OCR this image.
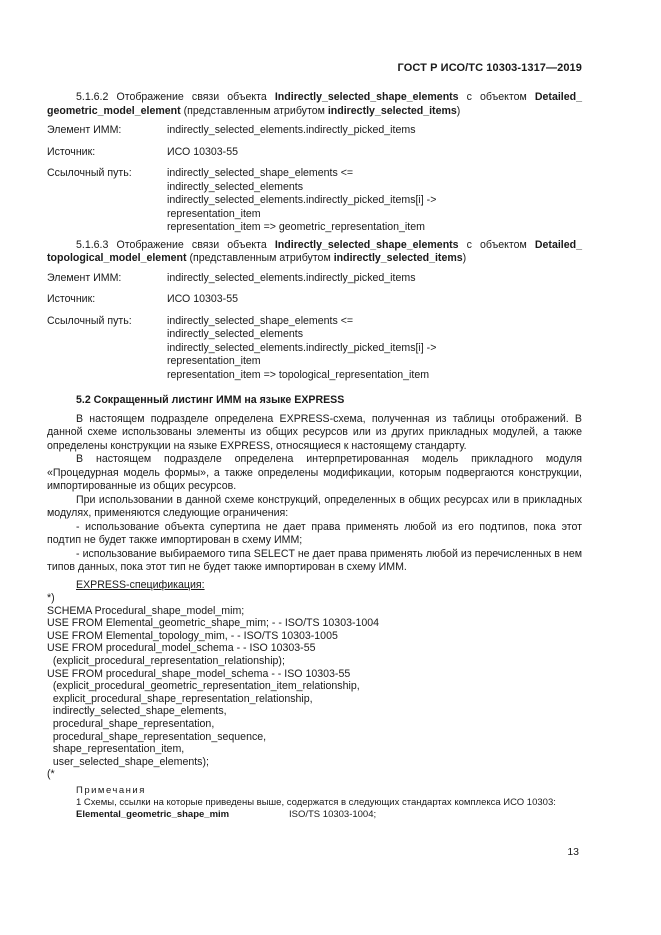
ГОСТ Р ИСО/ТС 10303-1317—2019

5.1.6.2 Отображение связи объекта Indirectly_selected_shape_elements с объектом Detailed_ geometric_model_element (представленным атрибутом indirectly_selected_items)

Элемент ИММ:	indirectly_selected_elements.indirectly_picked_items
Источник:	ИСО 10303-55
Ссылочный путь:	indirectly_selected_shape_elements <=
indirectly_selected_elements
indirectly_selected_elements.indirectly_picked_items[i] ->
representation_item
representation_item => geometric_representation_item

5.1.6.3 Отображение связи объекта Indirectly_selected_shape_elements с объектом Detailed_ topological_model_element (представленным атрибутом indirectly_selected_items)

Элемент ИММ:	indirectly_selected_elements.indirectly_picked_items
Источник:	ИСО 10303-55
Ссылочный путь:	indirectly_selected_shape_elements <=
indirectly_selected_elements
indirectly_selected_elements.indirectly_picked_items[i] ->
representation_item
representation_item => topological_representation_item
5.2 Сокращенный листинг ИММ на языке EXPRESS

В настоящем подразделе определена EXPRESS-схема, полученная из таблицы отображений. В данной схеме использованы элементы из общих ресурсов или из других прикладных модулей, а также определены конструкции на языке EXPRESS, относящиеся к настоящему стандарту.

В настоящем подразделе определена интерпретированная модель прикладного модуля «Процедурная модель формы», а также определены модификации, которым подвергаются конструкции, импортированные из общих ресурсов.

При использовании в данной схеме конструкций, определенных в общих ресурсах или в прикладных модулях, применяются следующие ограничения:

- использование объекта супертипа не дает права применять любой из его подтипов, пока этот подтип не будет также импортирован в схему ИММ;

- использование выбираемого типа SELECT не дает права применять любой из перечисленных в нем типов данных, пока этот тип не будет также импортирован в схему ИММ.

EXPRESS-спецификация:
*)
SCHEMA Procedural_shape_model_mim;
USE FROM Elemental_geometric_shape_mim; - - ISO/TS 10303-1004
USE FROM Elemental_topology_mim, - - ISO/TS 10303-1005
USE FROM procedural_model_schema - - ISO 10303-55
(explicit_procedural_representation_relationship);
USE FROM procedural_shape_model_schema - - ISO 10303-55
(explicit_procedural_geometric_representation_item_relationship,
explicit_procedural_shape_representation_relationship,
indirectly_selected_shape_elements,
procedural_shape_representation,
procedural_shape_representation_sequence,
shape_representation_item,
user_selected_shape_elements);
(*
Примечания
1 Схемы, ссылки на которые приведены выше, содержатся в следующих стандартах комплекса ИСО 10303:
Elemental_geometric_shape_mim	ISO/TS 10303-1004;
13
